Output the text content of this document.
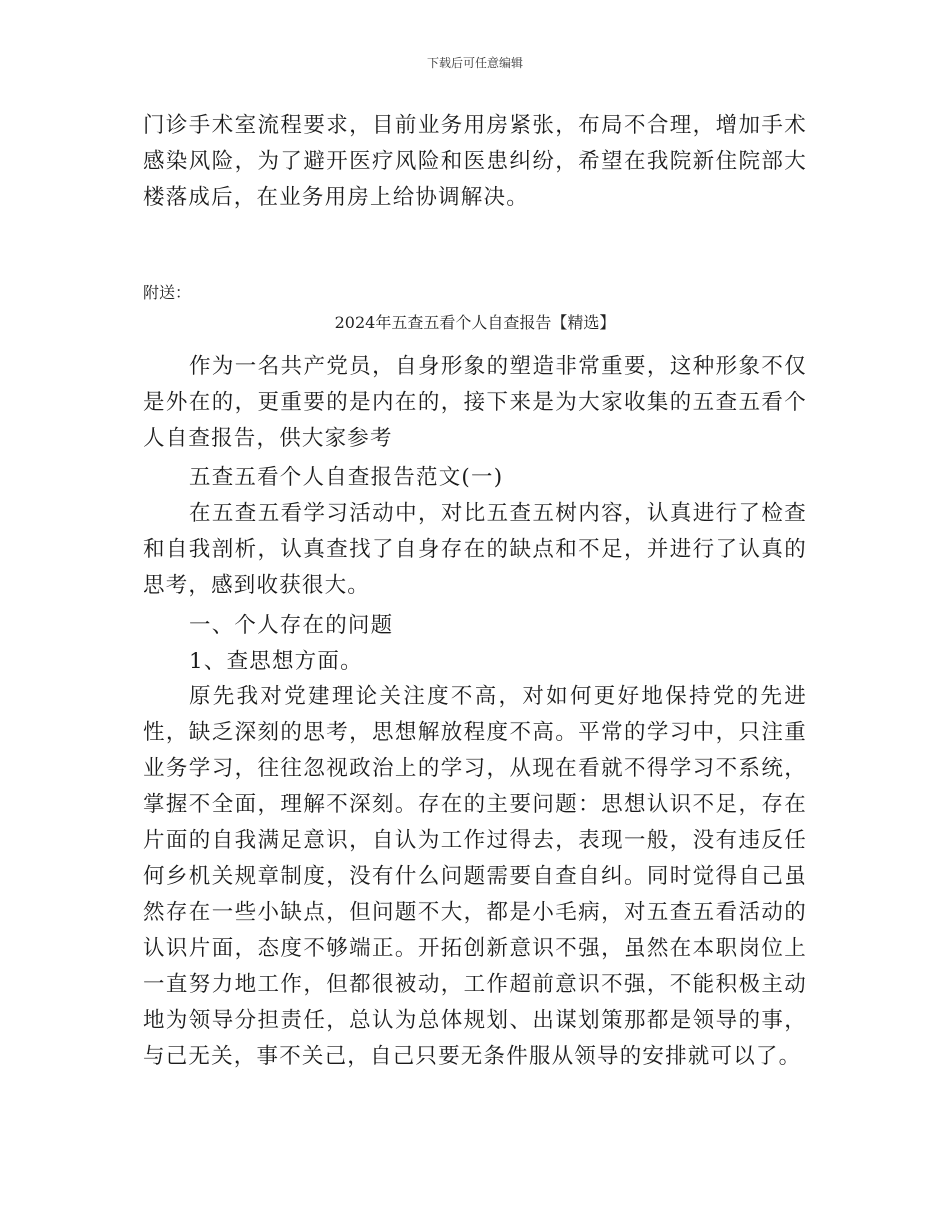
下载后可任意编辑

门诊手术室流程要求，目前业务用房紧张，布局不合理，增加手术感染风险，为了避开医疗风险和医患纠纷，希望在我院新住院部大楼落成后，在业务用房上给协调解决。

附送：
2024年五查五看个人自查报告【精选】

作为一名共产党员，自身形象的塑造非常重要，这种形象不仅是外在的，更重要的是内在的，接下来是为大家收集的五查五看个人自查报告，供大家参考

五查五看个人自查报告范文(一)

在五查五看学习活动中，对比五查五树内容，认真进行了检查和自我剖析，认真查找了自身存在的缺点和不足，并进行了认真的思考，感到收获很大。

一、个人存在的问题

1、查思想方面。

原先我对党建理论关注度不高，对如何更好地保持党的先进性，缺乏深刻的思考，思想解放程度不高。平常的学习中，只注重业务学习，往往忽视政治上的学习，从现在看就不得学习不系统，掌握不全面，理解不深刻。存在的主要问题：思想认识不足，存在片面的自我满足意识，自认为工作过得去，表现一般，没有违反任何乡机关规章制度，没有什么问题需要自查自纠。同时觉得自己虽然存在一些小缺点，但问题不大，都是小毛病，对五查五看活动的认识片面，态度不够端正。开拓创新意识不强，虽然在本职岗位上一直努力地工作，但都很被动，工作超前意识不强，不能积极主动地为领导分担责任，总认为总体规划、出谋划策那都是领导的事，与己无关，事不关己，自己只要无条件服从领导的安排就可以了。
